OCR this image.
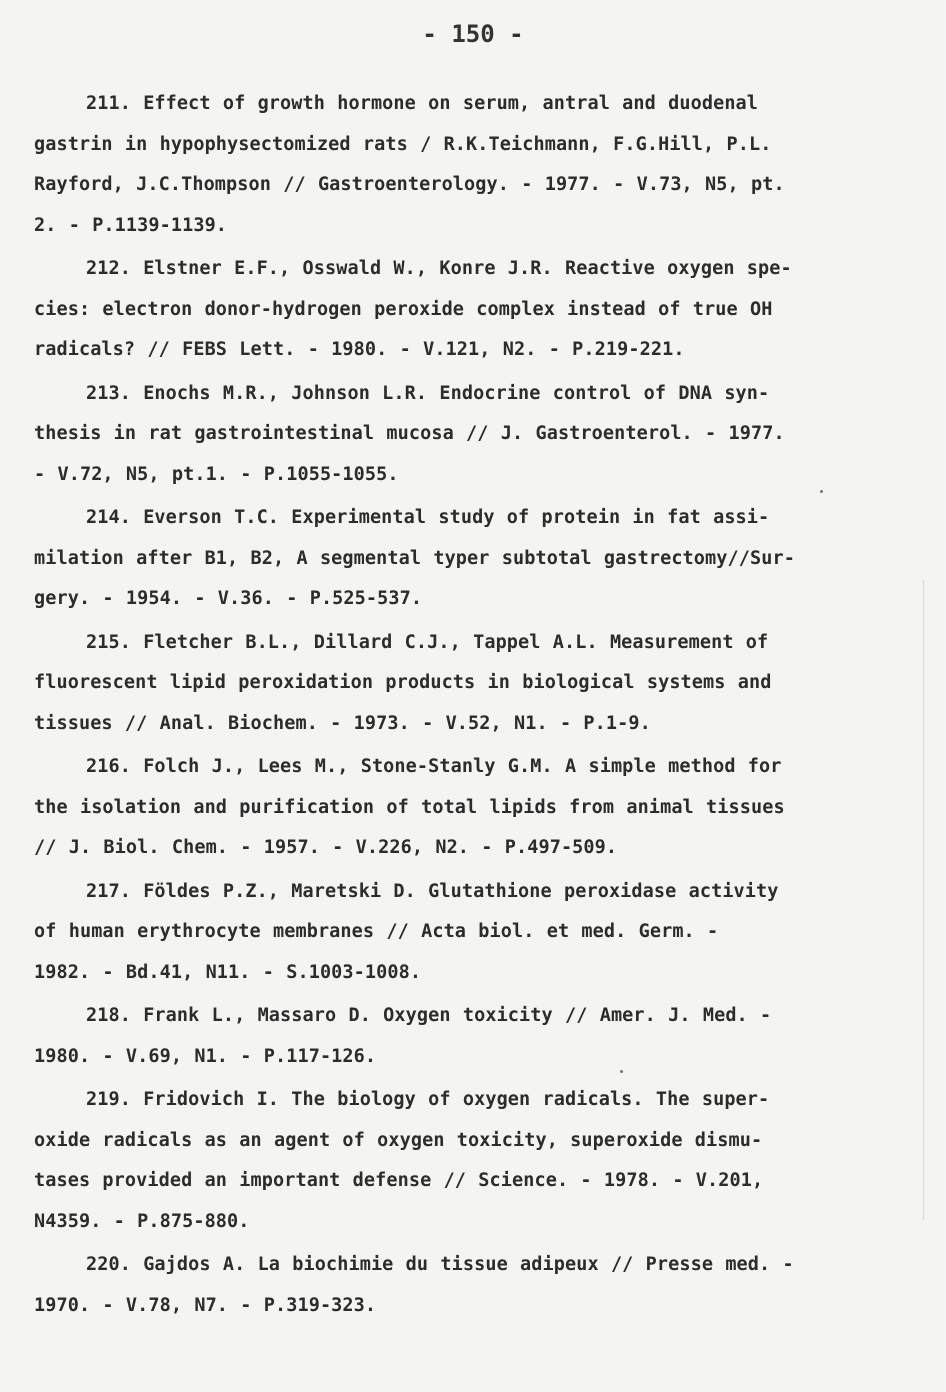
- 150 -
211. Effect of growth hormone on serum, antral and duodenal
gastrin in hypophysectomized rats / R.K.Teichmann, F.G.Hill, P.L.
Rayford, J.C.Thompson // Gastroenterology. - 1977. - V.73, N5, pt.
2. - P.1139-1139.
212. Elstner E.F., Osswald W., Konre J.R. Reactive oxygen spe-
cies: electron donor-hydrogen peroxide complex instead of true OH
radicals? // FEBS Lett. - 1980. - V.121, N2. - P.219-221.
213. Enochs M.R., Johnson L.R. Endocrine control of DNA syn-
thesis in rat gastrointestinal mucosa // J. Gastroenterol. - 1977.
- V.72, N5, pt.1. - P.1055-1055.
214. Everson T.C. Experimental study of protein in fat assi-
milation after B1, B2, A segmental typer subtotal gastrectomy//Sur-
gery. - 1954. - V.36. - P.525-537.
215. Fletcher B.L., Dillard C.J., Tappel A.L. Measurement of
fluorescent lipid peroxidation products in biological systems and
tissues // Anal. Biochem. - 1973. - V.52, N1. - P.1-9.
216. Folch J., Lees M., Stone-Stanly G.M. A simple method for
the isolation and purification of total lipids from animal tissues
// J. Biol. Chem. - 1957. - V.226, N2. - P.497-509.
217. Földes P.Z., Maretski D. Glutathione peroxidase activity
of human erythrocyte membranes // Acta biol. et med. Germ. -
1982. - Bd.41, N11. - S.1003-1008.
218. Frank L., Massaro D. Oxygen toxicity // Amer. J. Med. -
1980. - V.69, N1. - P.117-126.
219. Fridovich I. The biology of oxygen radicals. The super-
oxide radicals as an agent of oxygen toxicity, superoxide dismu-
tases provided an important defense // Science. - 1978. - V.201,
N4359. - P.875-880.
220. Gajdos A. La biochimie du tissue adipeux // Presse med. -
1970. - V.78, N7. - P.319-323.
